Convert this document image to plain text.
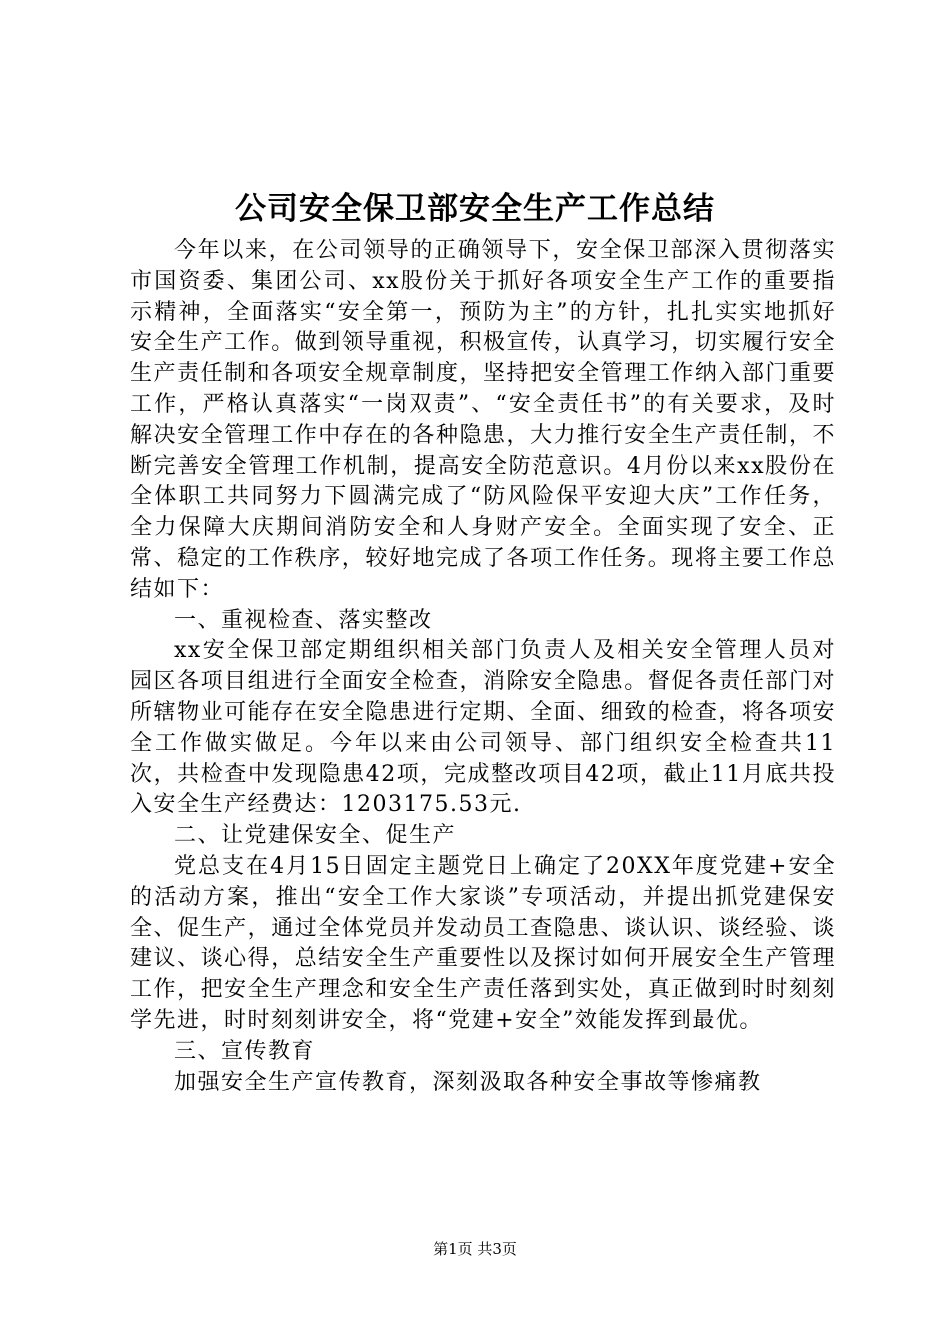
公司安全保卫部安全生产工作总结

今年以来，在公司领导的正确领导下，安全保卫部深入贯彻落实市国资委、集团公司、xx股份关于抓好各项安全生产工作的重要指示精神，全面落实“安全第一，预防为主”的方针，扎扎实实地抓好安全生产工作。做到领导重视，积极宣传，认真学习，切实履行安全生产责任制和各项安全规章制度，坚持把安全管理工作纳入部门重要工作，严格认真落实“一岗双责”、“安全责任书”的有关要求，及时解决安全管理工作中存在的各种隐患，大力推行安全生产责任制，不断完善安全管理工作机制，提高安全防范意识。4月份以来xx股份在全体职工共同努力下圆满完成了“防风险保平安迎大庆”工作任务，全力保障大庆期间消防安全和人身财产安全。全面实现了安全、正常、稳定的工作秩序，较好地完成了各项工作任务。现将主要工作总结如下：

一、重视检查、落实整改

xx安全保卫部定期组织相关部门负责人及相关安全管理人员对园区各项目组进行全面安全检查，消除安全隐患。督促各责任部门对所辖物业可能存在安全隐患进行定期、全面、细致的检查，将各项安全工作做实做足。今年以来由公司领导、部门组织安全检查共11次，共检查中发现隐患42项，完成整改项目42项，截止11月底共投入安全生产经费达：1203175.53元.

二、让党建保安全、促生产

党总支在4月15日固定主题党日上确定了20XX年度党建+安全的活动方案，推出“安全工作大家谈”专项活动，并提出抓党建保安全、促生产，通过全体党员并发动员工查隐患、谈认识、谈经验、谈建议、谈心得，总结安全生产重要性以及探讨如何开展安全生产管理工作，把安全生产理念和安全生产责任落到实处，真正做到时时刻刻学先进，时时刻刻讲安全，将“党建+安全”效能发挥到最优。

三、宣传教育

加强安全生产宣传教育，深刻汲取各种安全事故等惨痛教

第1页 共3页
